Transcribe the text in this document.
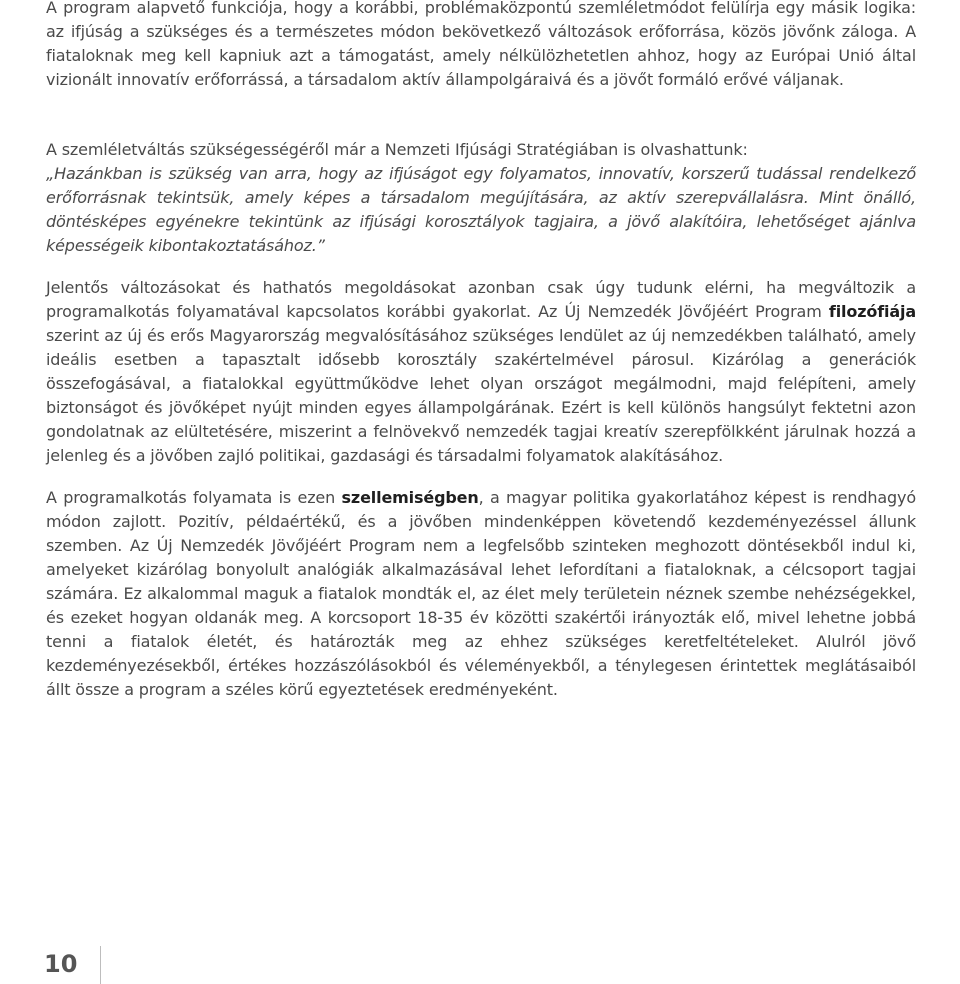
A program alapvető funkciója, hogy a korábbi, problémaközpontú szemléletmódot felülírja egy másik logika: az ifjúság a szükséges és a természetes módon bekövetkező változások erőforrása, közös jövőnk záloga. A fiataloknak meg kell kapniuk azt a támogatást, amely nélkülözhetetlen ahhoz, hogy az Európai Unió által vizionált innovatív erőforrássá, a társadalom aktív állampolgáraivá és a jövőt formáló erővé váljanak.

A szemléletváltás szükségességéről már a Nemzeti Ifjúsági Stratégiában is olvashattunk:
„Hazánkban is szükség van arra, hogy az ifjúságot egy folyamatos, innovatív, korszerű tudással rendelkező erőforrásnak tekintsük, amely képes a társadalom megújítására, az aktív szerepvállalásra. Mint önálló, döntésképes egyénekre tekintünk az ifjúsági korosztályok tagjaira, a jövő alakítóira, lehetőséget ajánlva képességeik kibontakoztatásához.”

Jelentős változásokat és hathatós megoldásokat azonban csak úgy tudunk elérni, ha megváltozik a programalkotás folyamatával kapcsolatos korábbi gyakorlat. Az Új Nemzedék Jövőjéért Program filozófiája szerint az új és erős Magyarország megvalósításához szükséges lendület az új nemzedékben található, amely ideális esetben a tapasztalt idősebb korosztály szakértelmével párosul. Kizárólag a generációk összefogásával, a fiatalokkal együttműködve lehet olyan országot megálmodni, majd felépíteni, amely biztonságot és jövőképet nyújt minden egyes állampolgárának. Ezért is kell különös hangsúlyt fektetni azon gondolatnak az elültetésére, miszerint a felnövekvő nemzedék tagjai kreatív szerepfölkként járulnak hozzá a jelenleg és a jövőben zajló politikai, gazdasági és társadalmi folyamatok alakításához.

A programalkotás folyamata is ezen szellemiségben, a magyar politika gyakorlatához képest is rendhagyó módon zajlott. Pozitív, példaértékű, és a jövőben mindenképpen követendő kezdeményezéssel állunk szemben. Az Új Nemzedék Jövőjéért Program nem a legfelsőbb szinteken meghozott döntésekből indul ki, amelyeket kizárólag bonyolult analógiák alkalmazásával lehet lefordítani a fiataloknak, a célcsoport tagjai számára. Ez alkalommal maguk a fiatalok mondták el, az élet mely területein néznek szembe nehézségekkel, és ezeket hogyan oldanák meg. A korcsoport 18-35 év közötti szakértői irányozták elő, mivel lehetne jobbá tenni a fiatalok életét, és határozták meg az ehhez szükséges keretfeltételeket. Alulról jövő kezdeményezésekből, értékes hozzászólásokból és véleményekből, a ténylegesen érintettek meglátásaiból állt össze a program a széles körű egyeztetések eredményeként.

10
